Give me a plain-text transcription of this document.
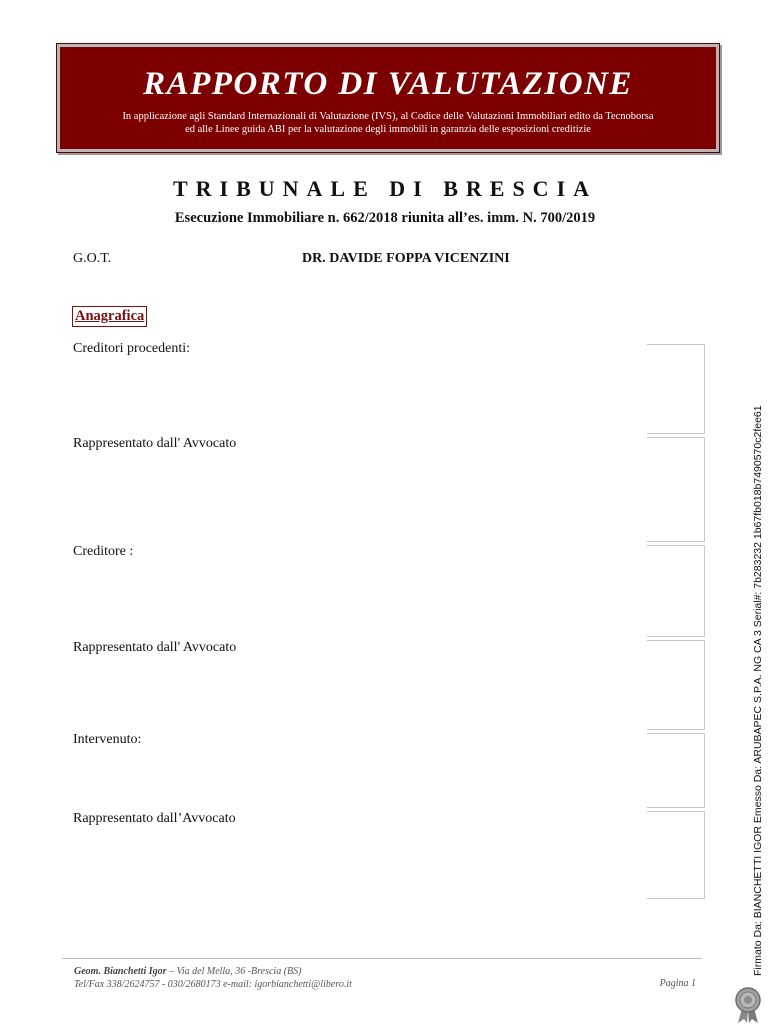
RAPPORTO DI VALUTAZIONE
In applicazione agli Standard Internazionali di Valutazione (IVS), al Codice delle Valutazioni Immobiliari edito da Tecnoborsa
ed alle Linee guida ABI per la valutazione degli immobili in garanzia delle esposizioni creditizie
TRIBUNALE DI BRESCIA
Esecuzione Immobiliare n. 662/2018 riunita all’es. imm. N. 700/2019
G.O.T.	DR. DAVIDE FOPPA VICENZINI
Anagrafica
Creditori procedenti:
Rappresentato dall' Avvocato
Creditore :
Rappresentato dall' Avvocato
Intervenuto:
Rappresentato dall’Avvocato	Firmato Da: BIANCHETTI IGOR Emesso Da: ARUBAPEC S.P.A. NG CA 3 Serial#: 7b283232 1b67fb018b7490570c2fee61
Geom. Bianchetti Igor – Via del Mella, 36 -Brescia (BS)
Tel/Fax 338/2624757 - 030/2680173 e-mail: igorbianchetti@libero.it	Pagina 1
